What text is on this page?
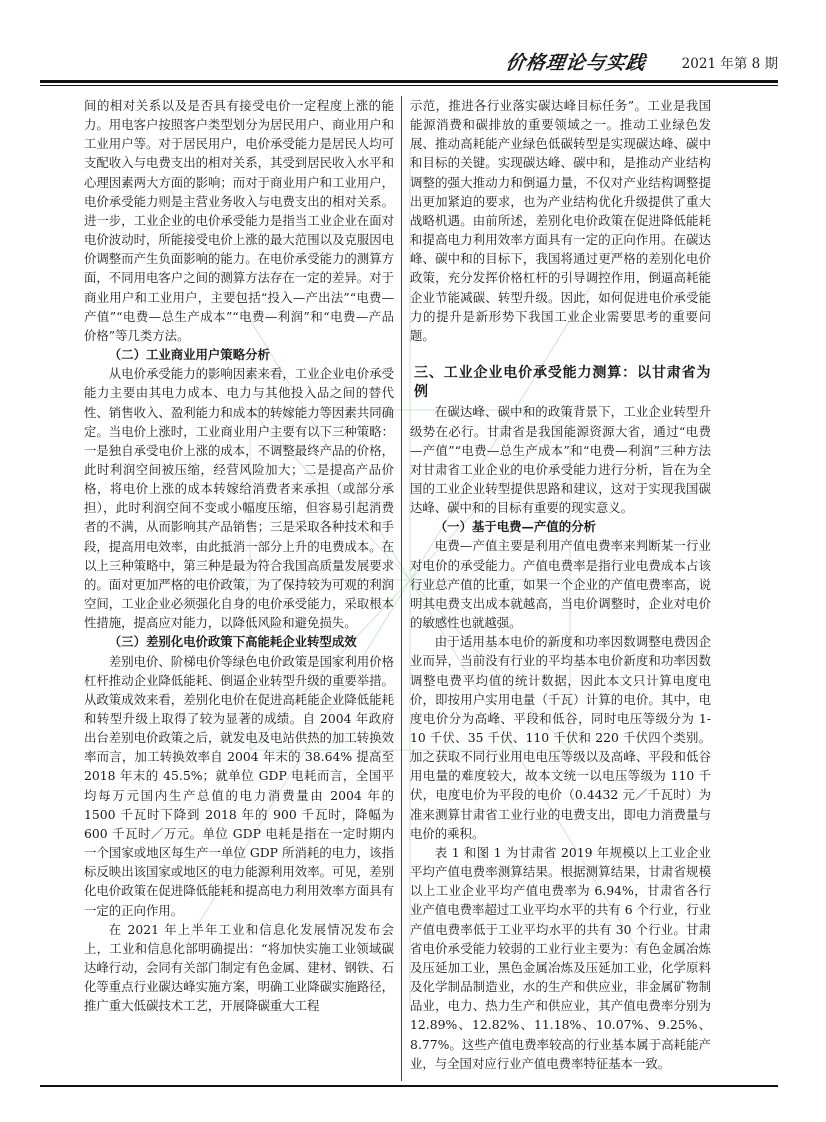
价格理论与实践	2021 年第 8 期

间的相对关系以及是否具有接受电价一定程度上涨的能力。用电客户按照客户类型划分为居民用户、商业用户和工业用户等。对于居民用户，电价承受能力是居民人均可支配收入与电费支出的相对关系，其受到居民收入水平和心理因素两大方面的影响；而对于商业用户和工业用户，电价承受能力则是主营业务收入与电费支出的相对关系。进一步，工业企业的电价承受能力是指当工业企业在面对电价波动时，所能接受电价上涨的最大范围以及克服因电价调整而产生负面影响的能力。在电价承受能力的测算方面，不同用电客户之间的测算方法存在一定的差异。对于商业用户和工业用户，主要包括“投入—产出法”“电费—产值”“电费—总生产成本”“电费—利润”和“电费—产品价格”等几类方法。

（二）工业商业用户策略分析

从电价承受能力的影响因素来看，工业企业电价承受能力主要由其电力成本、电力与其他投入品之间的替代性、销售收入、盈利能力和成本的转嫁能力等因素共同确定。当电价上涨时，工业商业用户主要有以下三种策略：一是独自承受电价上涨的成本，不调整最终产品的价格，此时利润空间被压缩，经营风险加大；二是提高产品价格，将电价上涨的成本转嫁给消费者来承担（或部分承担），此时利润空间不变或小幅度压缩，但容易引起消费者的不满，从而影响其产品销售；三是采取各种技术和手段，提高用电效率，由此抵消一部分上升的电费成本。在以上三种策略中，第三种是最为符合我国高质量发展要求的。面对更加严格的电价政策，为了保持较为可观的利润空间，工业企业必须强化自身的电价承受能力，采取根本性措施，提高应对能力，以降低风险和避免损失。

（三）差别化电价政策下高能耗企业转型成效

差别电价、阶梯电价等绿色电价政策是国家利用价格杠杆推动企业降低能耗、倒逼企业转型升级的重要举措。从政策成效来看，差别化电价在促进高耗能企业降低能耗和转型升级上取得了较为显著的成绩。自 2004 年政府出台差别电价政策之后，就发电及电站供热的加工转换效率而言，加工转换效率自 2004 年末的 38.64% 提高至 2018 年末的 45.5%；就单位 GDP 电耗而言，全国平均每万元国内生产总值的电力消费量由 2004 年的 1500 千瓦时下降到 2018 年的 900 千瓦时，降幅为 600 千瓦时／万元。单位 GDP 电耗是指在一定时期内一个国家或地区每生产一单位 GDP 所消耗的电力，该指标反映出该国家或地区的电力能源利用效率。可见，差别化电价政策在促进降低能耗和提高电力利用效率方面具有一定的正向作用。

在 2021 年上半年工业和信息化发展情况发布会上，工业和信息化部明确提出：“将加快实施工业领域碳达峰行动，会同有关部门制定有色金属、建材、钢铁、石化等重点行业碳达峰实施方案，明确工业降碳实施路径，推广重大低碳技术工艺，开展降碳重大工程

示范，推进各行业落实碳达峰目标任务”。工业是我国能源消费和碳排放的重要领域之一。推动工业绿色发展、推动高耗能产业绿色低碳转型是实现碳达峰、碳中和目标的关键。实现碳达峰、碳中和，是推动产业结构调整的强大推动力和倒逼力量，不仅对产业结构调整提出更加紧迫的要求，也为产业结构优化升级提供了重大战略机遇。由前所述，差别化电价政策在促进降低能耗和提高电力利用效率方面具有一定的正向作用。在碳达峰、碳中和的目标下，我国将通过更严格的差别化电价政策，充分发挥价格杠杆的引导调控作用，倒逼高耗能企业节能减碳、转型升级。因此，如何促进电价承受能力的提升是新形势下我国工业企业需要思考的重要问题。

三、工业企业电价承受能力测算：以甘肃省为例

在碳达峰、碳中和的政策背景下，工业企业转型升级势在必行。甘肃省是我国能源资源大省，通过“电费—产值”“电费—总生产成本”和“电费—利润”三种方法对甘肃省工业企业的电价承受能力进行分析，旨在为全国的工业企业转型提供思路和建议，这对于实现我国碳达峰、碳中和的目标有重要的现实意义。

（一）基于电费—产值的分析

电费—产值主要是利用产值电费率来判断某一行业对电价的承受能力。产值电费率是指行业电费成本占该行业总产值的比重，如果一个企业的产值电费率高，说明其电费支出成本就越高，当电价调整时，企业对电价的敏感性也就越强。

由于适用基本电价的新度和功率因数调整电费因企业而异，当前没有行业的平均基本电价新度和功率因数调整电费平均值的统计数据，因此本文只计算电度电价，即按用户实用电量（千瓦）计算的电价。其中，电度电价分为高峰、平段和低谷，同时电压等级分为 1-10 千伏、35 千伏、110 千伏和 220 千伏四个类别。加之获取不同行业用电电压等级以及高峰、平段和低谷用电量的难度较大，故本文统一以电压等级为 110 千伏，电度电价为平段的电价（0.4432 元／千瓦时）为准来测算甘肃省工业行业的电费支出，即电力消费量与电价的乘积。

表 1 和图 1 为甘肃省 2019 年规模以上工业企业平均产值电费率测算结果。根据测算结果，甘肃省规模以上工业企业平均产值电费率为 6.94%，甘肃省各行业产值电费率超过工业平均水平的共有 6 个行业，行业产值电费率低于工业平均水平的共有 30 个行业。甘肃省电价承受能力较弱的工业行业主要为：有色金属冶炼及压延加工业，黑色金属冶炼及压延加工业，化学原料及化学制品制造业，水的生产和供应业，非金属矿物制品业，电力、热力生产和供应业，其产值电费率分别为 12.89%、12.82%、11.18%、10.07%、9.25%、8.77%。这些产值电费率较高的行业基本属于高耗能产业，与全国对应行业产值电费率特征基本一致。
